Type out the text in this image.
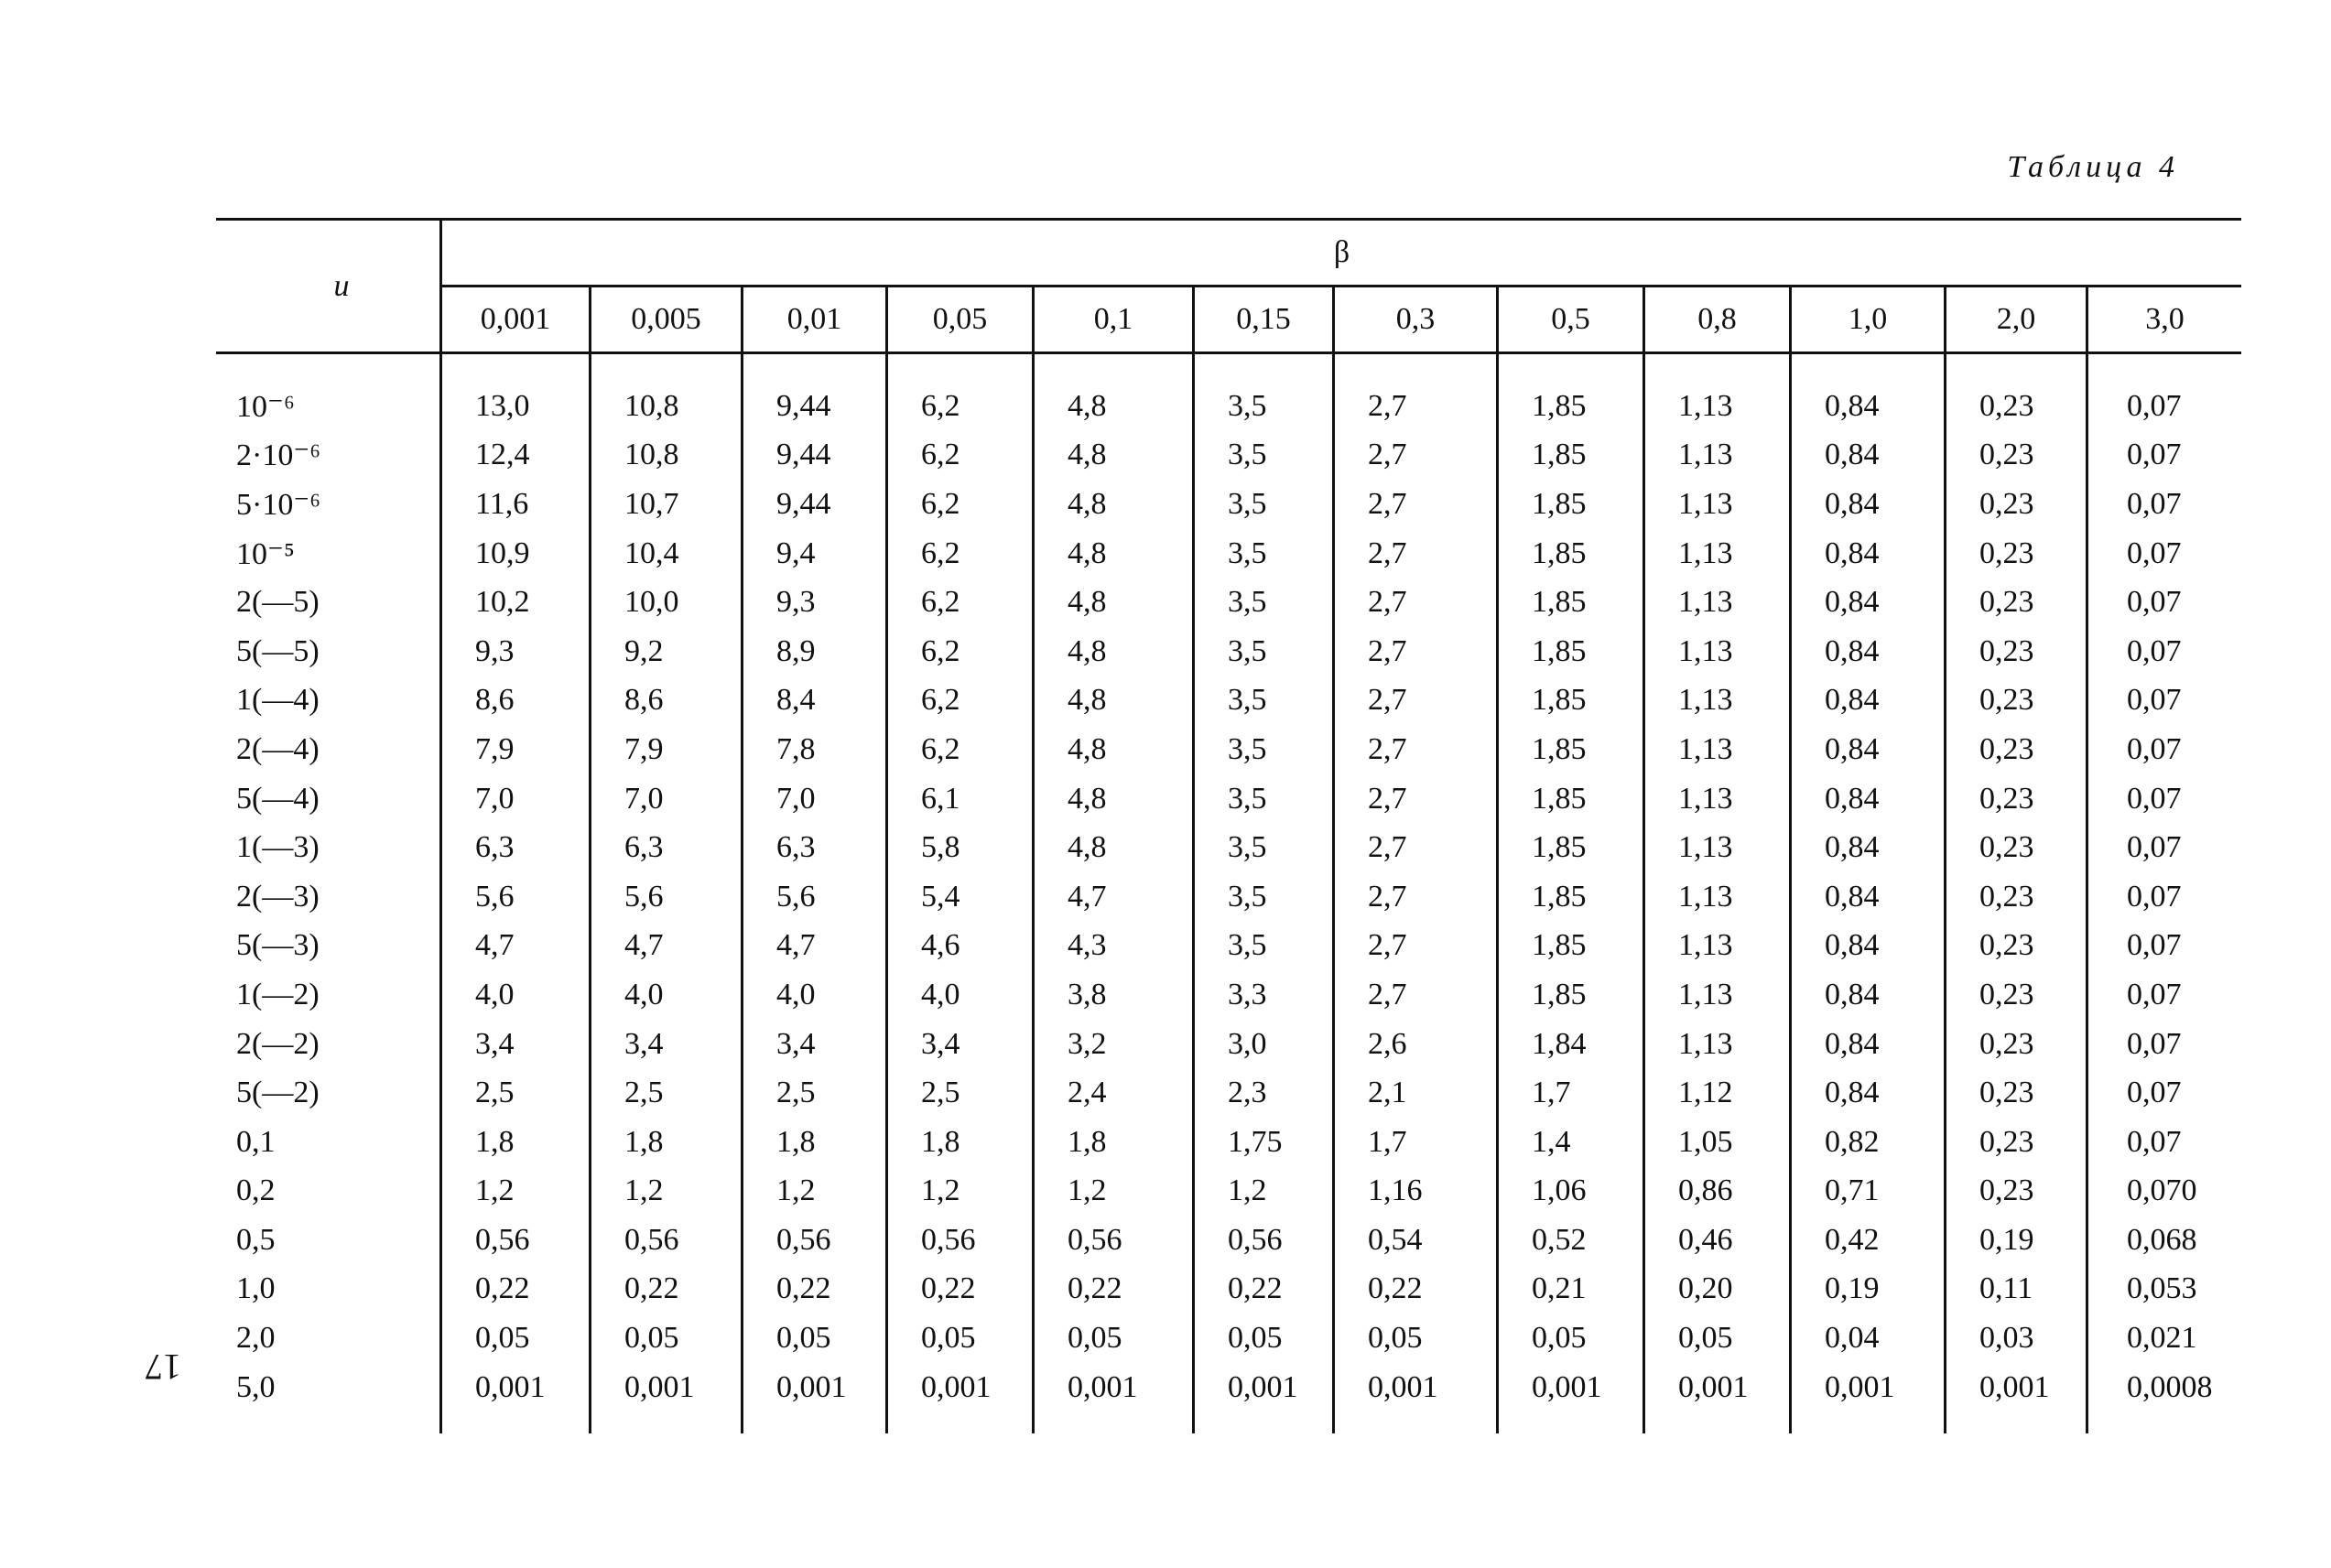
Таблица 4
17
u	β											
	0,001	0,005	0,01	0,05	0,1	0,15	0,3	0,5	0,8	1,0	2,0	3,0
10⁻⁶	13,0	10,8	9,44	6,2	4,8	3,5	2,7	1,85	1,13	0,84	0,23	0,07
2·10⁻⁶	12,4	10,8	9,44	6,2	4,8	3,5	2,7	1,85	1,13	0,84	0,23	0,07
5·10⁻⁶	11,6	10,7	9,44	6,2	4,8	3,5	2,7	1,85	1,13	0,84	0,23	0,07
10⁻⁵	10,9	10,4	9,4	6,2	4,8	3,5	2,7	1,85	1,13	0,84	0,23	0,07
2(—5)	10,2	10,0	9,3	6,2	4,8	3,5	2,7	1,85	1,13	0,84	0,23	0,07
5(—5)	9,3	9,2	8,9	6,2	4,8	3,5	2,7	1,85	1,13	0,84	0,23	0,07
1(—4)	8,6	8,6	8,4	6,2	4,8	3,5	2,7	1,85	1,13	0,84	0,23	0,07
2(—4)	7,9	7,9	7,8	6,2	4,8	3,5	2,7	1,85	1,13	0,84	0,23	0,07
5(—4)	7,0	7,0	7,0	6,1	4,8	3,5	2,7	1,85	1,13	0,84	0,23	0,07
1(—3)	6,3	6,3	6,3	5,8	4,8	3,5	2,7	1,85	1,13	0,84	0,23	0,07
2(—3)	5,6	5,6	5,6	5,4	4,7	3,5	2,7	1,85	1,13	0,84	0,23	0,07
5(—3)	4,7	4,7	4,7	4,6	4,3	3,5	2,7	1,85	1,13	0,84	0,23	0,07
1(—2)	4,0	4,0	4,0	4,0	3,8	3,3	2,7	1,85	1,13	0,84	0,23	0,07
2(—2)	3,4	3,4	3,4	3,4	3,2	3,0	2,6	1,84	1,13	0,84	0,23	0,07
5(—2)	2,5	2,5	2,5	2,5	2,4	2,3	2,1	1,7	1,12	0,84	0,23	0,07
0,1	1,8	1,8	1,8	1,8	1,8	1,75	1,7	1,4	1,05	0,82	0,23	0,07
0,2	1,2	1,2	1,2	1,2	1,2	1,2	1,16	1,06	0,86	0,71	0,23	0,070
0,5	0,56	0,56	0,56	0,56	0,56	0,56	0,54	0,52	0,46	0,42	0,19	0,068
1,0	0,22	0,22	0,22	0,22	0,22	0,22	0,22	0,21	0,20	0,19	0,11	0,053
2,0	0,05	0,05	0,05	0,05	0,05	0,05	0,05	0,05	0,05	0,04	0,03	0,021
5,0	0,001	0,001	0,001	0,001	0,001	0,001	0,001	0,001	0,001	0,001	0,001	0,0008
